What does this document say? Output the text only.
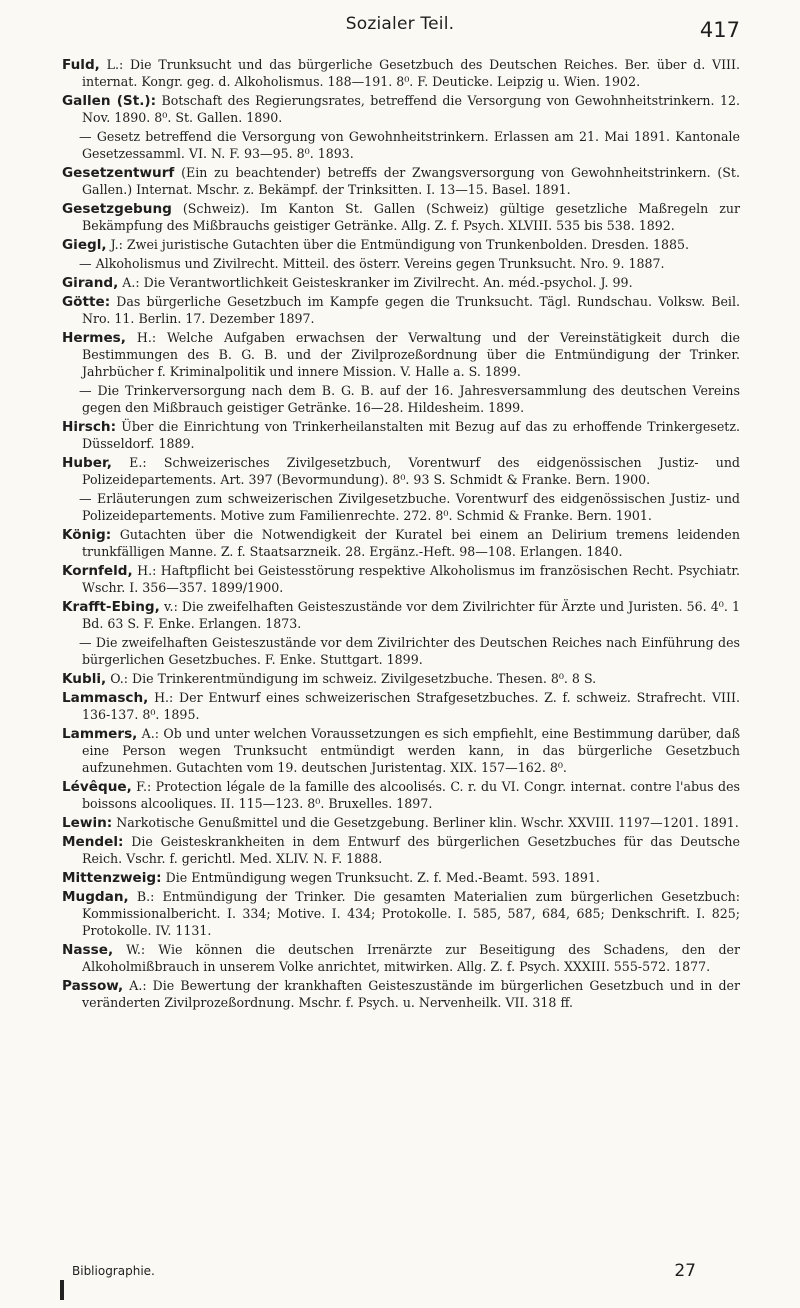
Sozialer Teil.	417

Fuld, L.: Die Trunksucht und das bürgerliche Gesetzbuch des Deutschen Reiches. Ber. über d. VIII. internat. Kongr. geg. d. Alkoholismus. 188—191. 8⁰. F. Deuticke. Leipzig u. Wien. 1902.

Gallen (St.): Botschaft des Regierungsrates, betreffend die Versorgung von Gewohnheitstrinkern. 12. Nov. 1890. 8⁰. St. Gallen. 1890.

— Gesetz betreffend die Versorgung von Gewohnheitstrinkern. Erlassen am 21. Mai 1891. Kantonale Gesetzessamml. VI. N. F. 93—95. 8⁰. 1893.

Gesetzentwurf (Ein zu beachtender) betreffs der Zwangsversorgung von Gewohnheitstrinkern. (St. Gallen.) Internat. Mschr. z. Bekämpf. der Trinksitten. I. 13—15. Basel. 1891.

Gesetzgebung (Schweiz). Im Kanton St. Gallen (Schweiz) gültige gesetzliche Maßregeln zur Bekämpfung des Mißbrauchs geistiger Getränke. Allg. Z. f. Psych. XLVIII. 535 bis 538. 1892.

Giegl, J.: Zwei juristische Gutachten über die Entmündigung von Trunkenbolden. Dresden. 1885.

— Alkoholismus und Zivilrecht. Mitteil. des österr. Vereins gegen Trunksucht. Nro. 9. 1887.

Girand, A.: Die Verantwortlichkeit Geisteskranker im Zivilrecht. An. méd.-psychol. J. 99.

Götte: Das bürgerliche Gesetzbuch im Kampfe gegen die Trunksucht. Tägl. Rundschau. Volksw. Beil. Nro. 11. Berlin. 17. Dezember 1897.

Hermes, H.: Welche Aufgaben erwachsen der Verwaltung und der Vereinstätigkeit durch die Bestimmungen des B. G. B. und der Zivilprozeßordnung über die Entmündigung der Trinker. Jahrbücher f. Kriminalpolitik und innere Mission. V. Halle a. S. 1899.

— Die Trinkerversorgung nach dem B. G. B. auf der 16. Jahresversammlung des deutschen Vereins gegen den Mißbrauch geistiger Getränke. 16—28. Hildesheim. 1899.

Hirsch: Über die Einrichtung von Trinkerheilanstalten mit Bezug auf das zu erhoffende Trinkergesetz. Düsseldorf. 1889.

Huber, E.: Schweizerisches Zivilgesetzbuch, Vorentwurf des eidgenössischen Justiz- und Polizeidepartements. Art. 397 (Bevormundung). 8⁰. 93 S. Schmidt & Franke. Bern. 1900.

— Erläuterungen zum schweizerischen Zivilgesetzbuche. Vorentwurf des eidgenössischen Justiz- und Polizeidepartements. Motive zum Familienrechte. 272. 8⁰. Schmid & Franke. Bern. 1901.

König: Gutachten über die Notwendigkeit der Kuratel bei einem an Delirium tremens leidenden trunkfälligen Manne. Z. f. Staatsarzneik. 28. Ergänz.-Heft. 98—108. Erlangen. 1840.

Kornfeld, H.: Haftpflicht bei Geistesstörung respektive Alkoholismus im französischen Recht. Psychiatr. Wschr. I. 356—357. 1899/1900.

Krafft-Ebing, v.: Die zweifelhaften Geisteszustände vor dem Zivilrichter für Ärzte und Juristen. 56. 4⁰. 1 Bd. 63 S. F. Enke. Erlangen. 1873.

— Die zweifelhaften Geisteszustände vor dem Zivilrichter des Deutschen Reiches nach Einführung des bürgerlichen Gesetzbuches. F. Enke. Stuttgart. 1899.

Kubli, O.: Die Trinkerentmündigung im schweiz. Zivilgesetzbuche. Thesen. 8⁰. 8 S.

Lammasch, H.: Der Entwurf eines schweizerischen Strafgesetzbuches. Z. f. schweiz. Strafrecht. VIII. 136-137. 8⁰. 1895.

Lammers, A.: Ob und unter welchen Voraussetzungen es sich empfiehlt, eine Bestimmung darüber, daß eine Person wegen Trunksucht entmündigt werden kann, in das bürgerliche Gesetzbuch aufzunehmen. Gutachten vom 19. deutschen Juristentag. XIX. 157—162. 8⁰.

Lévêque, F.: Protection légale de la famille des alcoolisés. C. r. du VI. Congr. internat. contre l'abus des boissons alcooliques. II. 115—123. 8⁰. Bruxelles. 1897.

Lewin: Narkotische Genußmittel und die Gesetzgebung. Berliner klin. Wschr. XXVIII. 1197—1201. 1891.

Mendel: Die Geisteskrankheiten in dem Entwurf des bürgerlichen Gesetzbuches für das Deutsche Reich. Vschr. f. gerichtl. Med. XLIV. N. F. 1888.

Mittenzweig: Die Entmündigung wegen Trunksucht. Z. f. Med.-Beamt. 593. 1891.

Mugdan, B.: Entmündigung der Trinker. Die gesamten Materialien zum bürgerlichen Gesetzbuch: Kommissionalbericht. I. 334; Motive. I. 434; Protokolle. I. 585, 587, 684, 685; Denkschrift. I. 825; Protokolle. IV. 1131.

Nasse, W.: Wie können die deutschen Irrenärzte zur Beseitigung des Schadens, den der Alkoholmißbrauch in unserem Volke anrichtet, mitwirken. Allg. Z. f. Psych. XXXIII. 555-572. 1877.

Passow, A.: Die Bewertung der krankhaften Geisteszustände im bürgerlichen Gesetzbuch und in der veränderten Zivilprozeßordnung. Mschr. f. Psych. u. Nervenheilk. VII. 318 ff.

Bibliographie.	27
